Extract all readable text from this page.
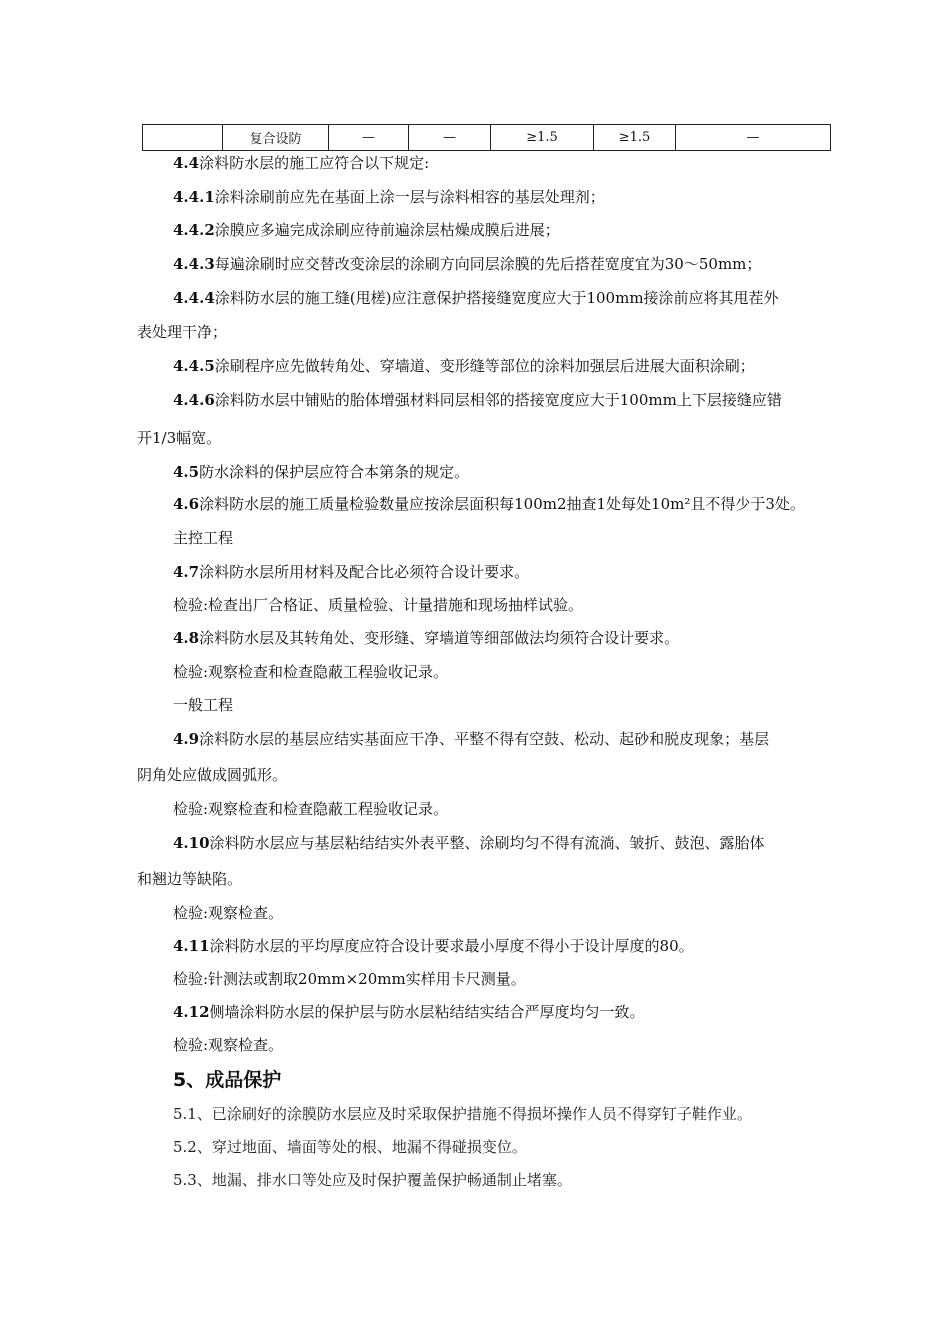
	复合设防	—	—	≥1.5	≥1.5	—
4.4涂料防水层的施工应符合以下规定:
4.4.1涂料涂刷前应先在基面上涂一层与涂料相容的基层处理剂；
4.4.2涂膜应多遍完成涂刷应待前遍涂层枯燥成膜后进展；
4.4.3每遍涂刷时应交替改变涂层的涂刷方向同层涂膜的先后搭茬宽度宜为30～50mm；
4.4.4涂料防水层的施工缝(甩槎)应注意保护搭接缝宽度应大于100mm接涂前应将其甩茬外
表处理干净；
4.4.5涂刷程序应先做转角处、穿墙道、变形缝等部位的涂料加强层后进展大面积涂刷；
4.4.6涂料防水层中铺贴的胎体增强材料同层相邻的搭接宽度应大于100mm上下层接缝应错
开1/3幅宽。
4.5防水涂料的保护层应符合本第条的规定。
4.6涂料防水层的施工质量检验数量应按涂层面积每100m2抽查1处每处10m²且不得少于3处。
主控工程
4.7涂料防水层所用材料及配合比必须符合设计要求。
检验:检查出厂合格证、质量检验、计量措施和现场抽样试验。
4.8涂料防水层及其转角处、变形缝、穿墙道等细部做法均须符合设计要求。
检验:观察检查和检查隐蔽工程验收记录。
一般工程
4.9涂料防水层的基层应结实基面应干净、平整不得有空鼓、松动、起砂和脱皮现象；基层
阴角处应做成圆弧形。
检验:观察检查和检查隐蔽工程验收记录。
4.10涂料防水层应与基层粘结结实外表平整、涂刷均匀不得有流淌、皱折、鼓泡、露胎体
和翘边等缺陷。
检验:观察检查。
4.11涂料防水层的平均厚度应符合设计要求最小厚度不得小于设计厚度的80。
检验:针测法或割取20mm×20mm实样用卡尺测量。
4.12侧墙涂料防水层的保护层与防水层粘结结实结合严厚度均匀一致。
检验:观察检查。
5、成品保护
5.1、已涂刷好的涂膜防水层应及时采取保护措施不得损坏操作人员不得穿钉子鞋作业。
5.2、穿过地面、墙面等处的根、地漏不得碰损变位。
5.3、地漏、排水口等处应及时保护覆盖保护畅通制止堵塞。
